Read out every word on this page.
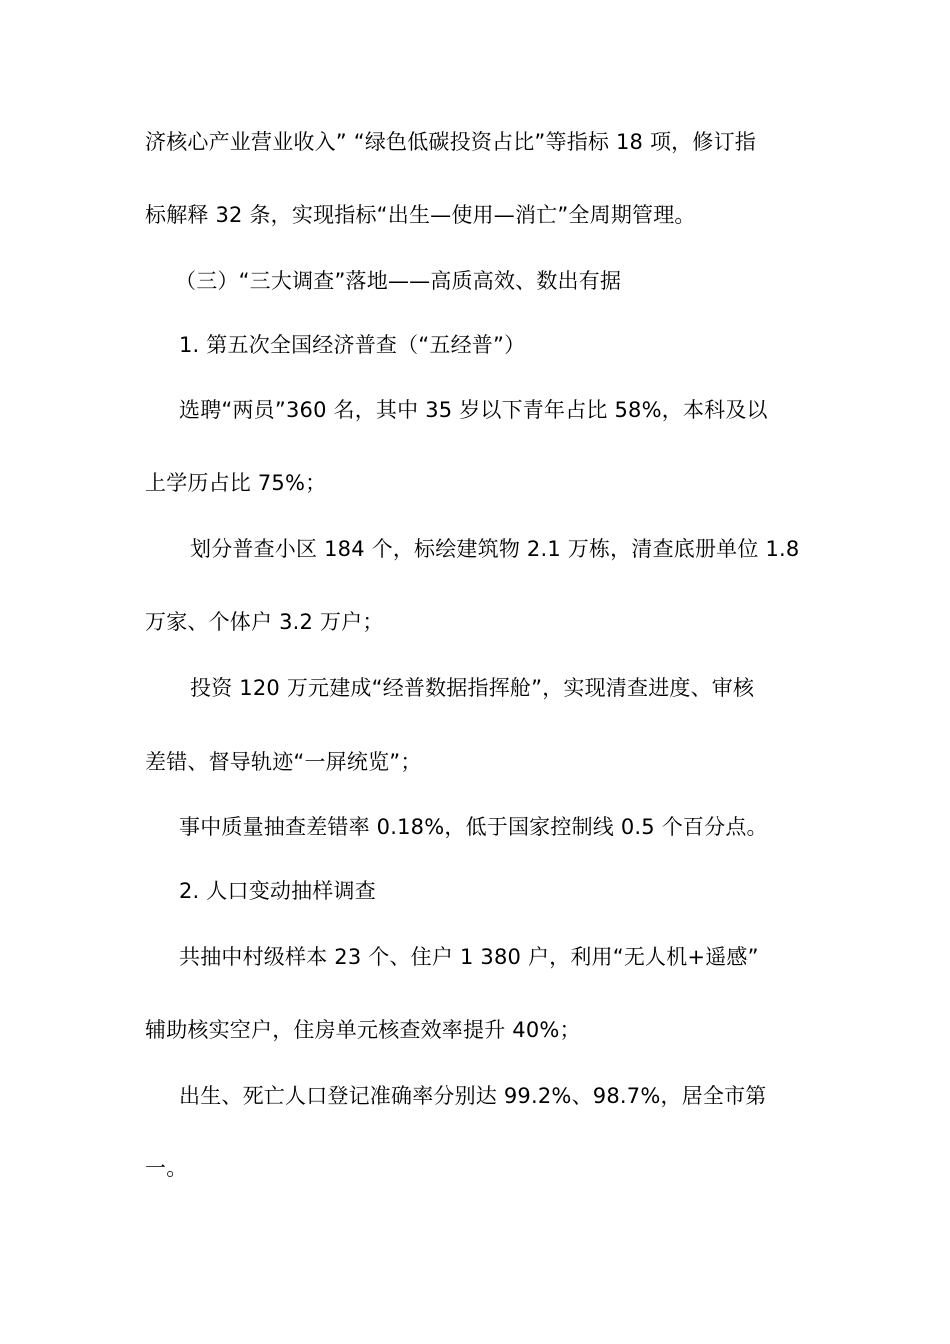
济核心产业营业收入” “绿色低碳投资占比”等指标 18 项，修订指
标解释 32 条，实现指标“出生—使用—消亡”全周期管理。
（三）“三大调查”落地——高质高效、数出有据
1. 第五次全国经济普查（“五经普”）
选聘“两员”360 名，其中 35 岁以下青年占比 58%，本科及以
上学历占比 75%；
划分普查小区 184 个，标绘建筑物 2.1 万栋，清查底册单位 1.8
万家、个体户 3.2 万户；
投资 120 万元建成“经普数据指挥舱”，实现清查进度、审核
差错、督导轨迹“一屏统览”；
事中质量抽查差错率 0.18%，低于国家控制线 0.5 个百分点。
2. 人口变动抽样调查
共抽中村级样本 23 个、住户 1 380 户，利用“无人机+遥感”
辅助核实空户，住房单元核查效率提升 40%；
出生、死亡人口登记准确率分别达 99.2%、98.7%，居全市第
一。
